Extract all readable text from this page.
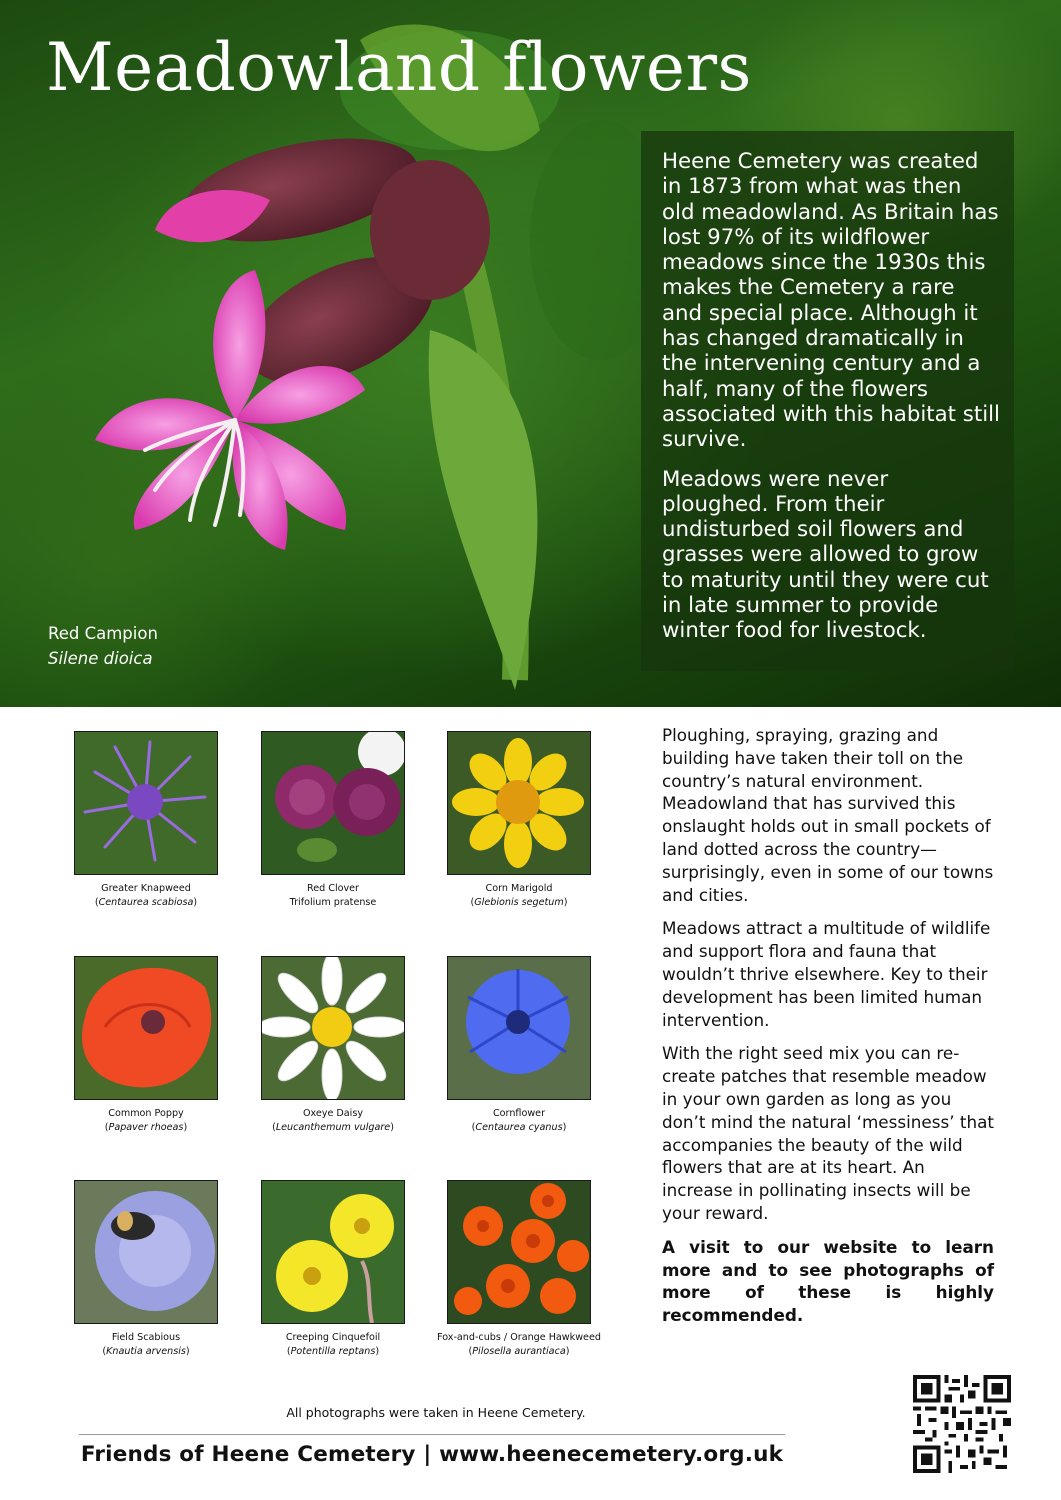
Meadowland flowers

Heene Cemetery was created in 1873 from what was then old meadowland. As Britain has lost 97% of its wildflower meadows since the 1930s this makes the Cemetery a rare and special place. Although it has changed dramatically in the intervening century and a half, many of the flowers associated with this habitat still survive.

Meadows were never ploughed. From their undisturbed soil flowers and grasses were allowed to grow to maturity until they were cut in late summer to provide winter food for livestock.

Red Campion
Silene dioica
Greater Knapweed
(Centaurea scabiosa)
Red Clover
Trifolium pratense
Corn Marigold
(Glebionis segetum)
Common Poppy
(Papaver rhoeas)
Oxeye Daisy
(Leucanthemum vulgare)
Cornflower
(Centaurea cyanus)
Field Scabious
(Knautia arvensis)
Creeping Cinquefoil
(Potentilla reptans)
Fox-and-cubs / Orange Hawkweed
(Pilosella aurantiaca)

Ploughing, spraying, grazing and building have taken their toll on the country’s natural environment. Meadowland that has survived this onslaught holds out in small pockets of land dotted across the country—surprisingly, even in some of our towns and cities.

Meadows attract a multitude of wildlife and support flora and fauna that wouldn’t thrive elsewhere. Key to their development has been limited human intervention.

With the right seed mix you can re-create patches that resemble meadow in your own garden as long as you don’t mind the natural ‘messiness’ that accompanies the beauty of the wild flowers that are at its heart. An increase in pollinating insects will be your reward.

A visit to our website to learn more and to see photographs of more of these is highly recommended.

All photographs were taken in Heene Cemetery.
Friends of Heene Cemetery | www.heenecemetery.org.uk
